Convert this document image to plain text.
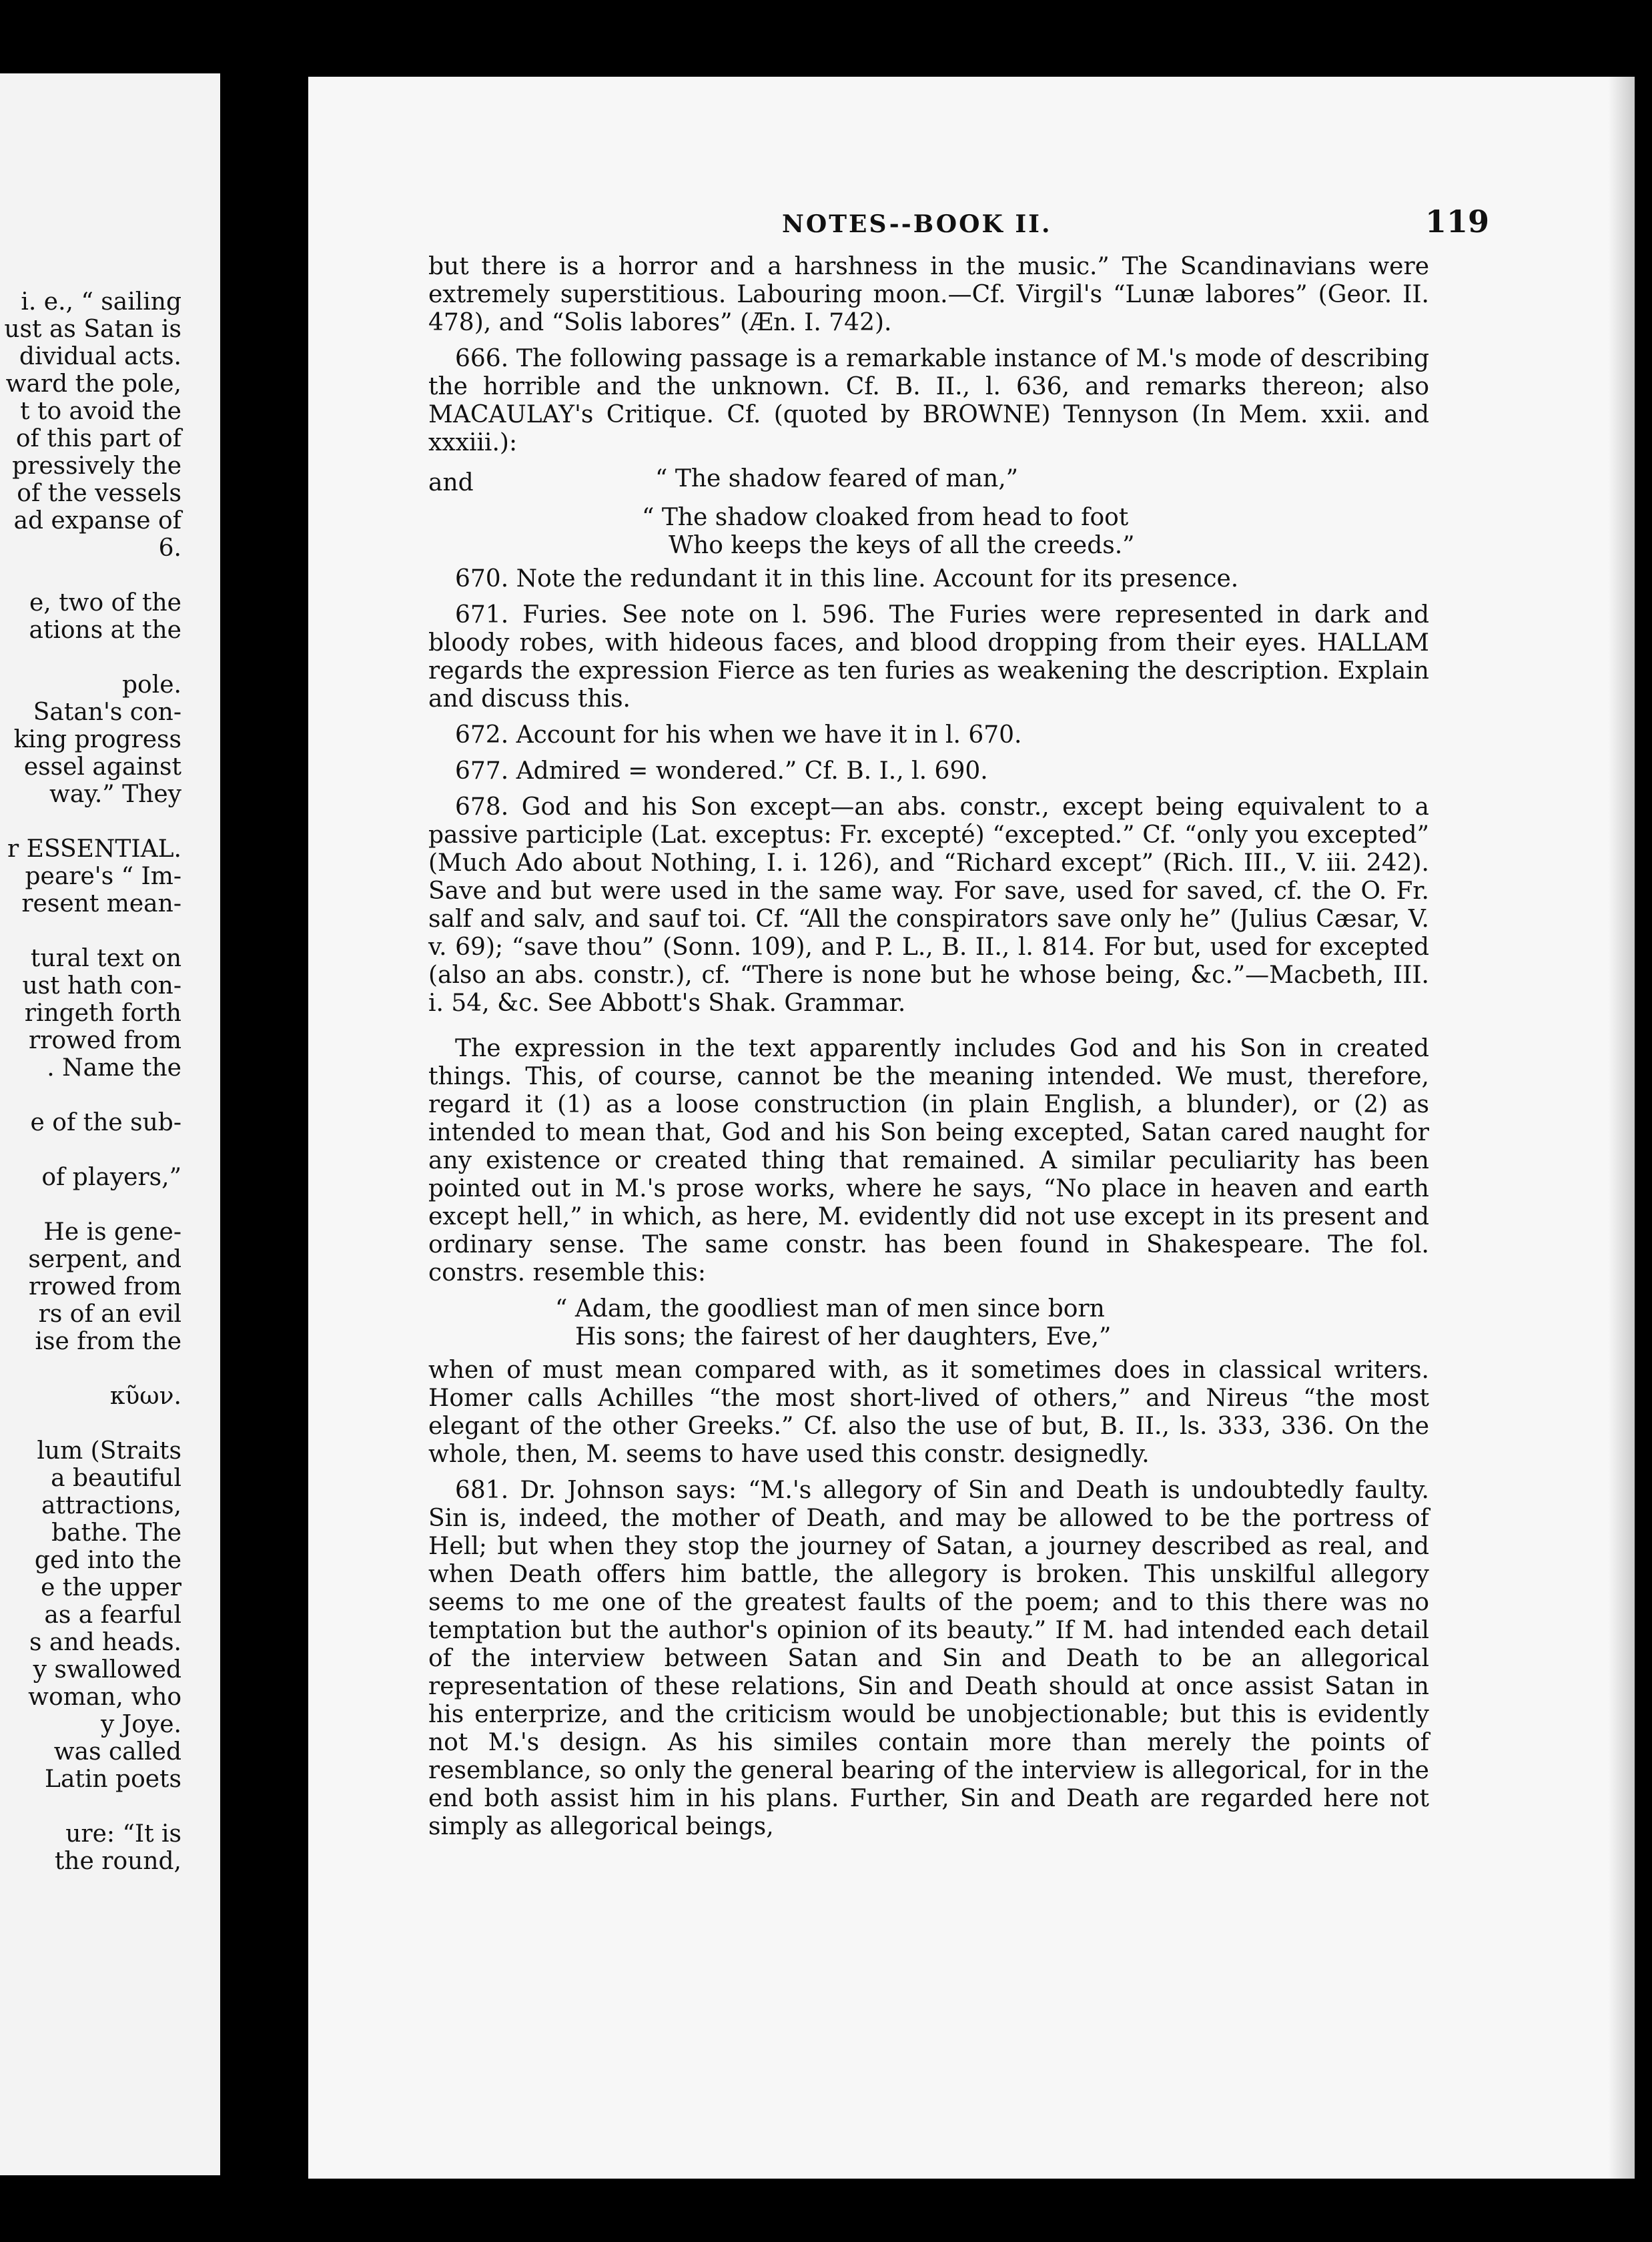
i. e., “ sailing
ust as Satan is
dividual acts.
ward the pole,
t to avoid the
of this part of
pressively the
of the vessels
ad expanse of
6.
e, two of the
ations at the
pole.
Satan's con-
king progress
essel against
way.” They
r ESSENTIAL.
peare's “ Im-
resent mean-
tural text on
ust hath con-
ringeth forth
rrowed from
. Name the
e of the sub-
of players,”
He is gene-
serpent, and
rrowed from
rs of an evil
ise from the
κῦων.
lum (Straits
a beautiful
attractions,
bathe. The
ged into the
e the upper
as a fearful
s and heads.
y swallowed
woman, who
y Joye.
was called
Latin poets
ure: “It is
the round,
NOTES--BOOK II.	119

but there is a horror and a harshness in the music.” The Scandinavians were extremely superstitious. Labouring moon.—Cf. Virgil's “Lunæ labores” (Geor. II. 478), and “Solis labores” (Æn. I. 742).

666. The following passage is a remarkable instance of M.'s mode of describing the horrible and the unknown. Cf. B. II., l. 636, and remarks thereon; also MACAULAY's Critique. Cf. (quoted by BROWNE) Tennyson (In Mem. xxii. and xxxiii.):

“ The shadow feared of man,”
and
“ The shadow cloaked from head to foot
Who keeps the keys of all the creeds.”

670. Note the redundant it in this line. Account for its presence.

671. Furies. See note on l. 596. The Furies were represented in dark and bloody robes, with hideous faces, and blood dropping from their eyes. HALLAM regards the expression Fierce as ten furies as weakening the description. Explain and discuss this.

672. Account for his when we have it in l. 670.

677. Admired = wondered.” Cf. B. I., l. 690.

678. God and his Son except—an abs. constr., except being equivalent to a passive participle (Lat. exceptus: Fr. excepté) “excepted.” Cf. “only you excepted” (Much Ado about Nothing, I. i. 126), and “Richard except” (Rich. III., V. iii. 242). Save and but were used in the same way. For save, used for saved, cf. the O. Fr. salf and salv, and sauf toi. Cf. “All the conspirators save only he” (Julius Cæsar, V. v. 69); “save thou” (Sonn. 109), and P. L., B. II., l. 814. For but, used for excepted (also an abs. constr.), cf. “There is none but he whose being, &c.”—Macbeth, III. i. 54, &c. See Abbott's Shak. Grammar.

The expression in the text apparently includes God and his Son in created things. This, of course, cannot be the meaning intended. We must, therefore, regard it (1) as a loose construction (in plain English, a blunder), or (2) as intended to mean that, God and his Son being excepted, Satan cared naught for any existence or created thing that remained. A similar peculiarity has been pointed out in M.'s prose works, where he says, “No place in heaven and earth except hell,” in which, as here, M. evidently did not use except in its present and ordinary sense. The same constr. has been found in Shakespeare. The fol. constrs. resemble this:

“ Adam, the goodliest man of men since born
His sons; the fairest of her daughters, Eve,”

when of must mean compared with, as it sometimes does in classical writers. Homer calls Achilles “the most short-lived of others,” and Nireus “the most elegant of the other Greeks.” Cf. also the use of but, B. II., ls. 333, 336. On the whole, then, M. seems to have used this constr. designedly.

681. Dr. Johnson says: “M.'s allegory of Sin and Death is undoubtedly faulty. Sin is, indeed, the mother of Death, and may be allowed to be the portress of Hell; but when they stop the journey of Satan, a journey described as real, and when Death offers him battle, the allegory is broken. This unskilful allegory seems to me one of the greatest faults of the poem; and to this there was no temptation but the author's opinion of its beauty.” If M. had intended each detail of the interview between Satan and Sin and Death to be an allegorical representation of these relations, Sin and Death should at once assist Satan in his enterprize, and the criticism would be unobjectionable; but this is evidently not M.'s design. As his similes contain more than merely the points of resemblance, so only the general bearing of the interview is allegorical, for in the end both assist him in his plans. Further, Sin and Death are regarded here not simply as allegorical beings,
